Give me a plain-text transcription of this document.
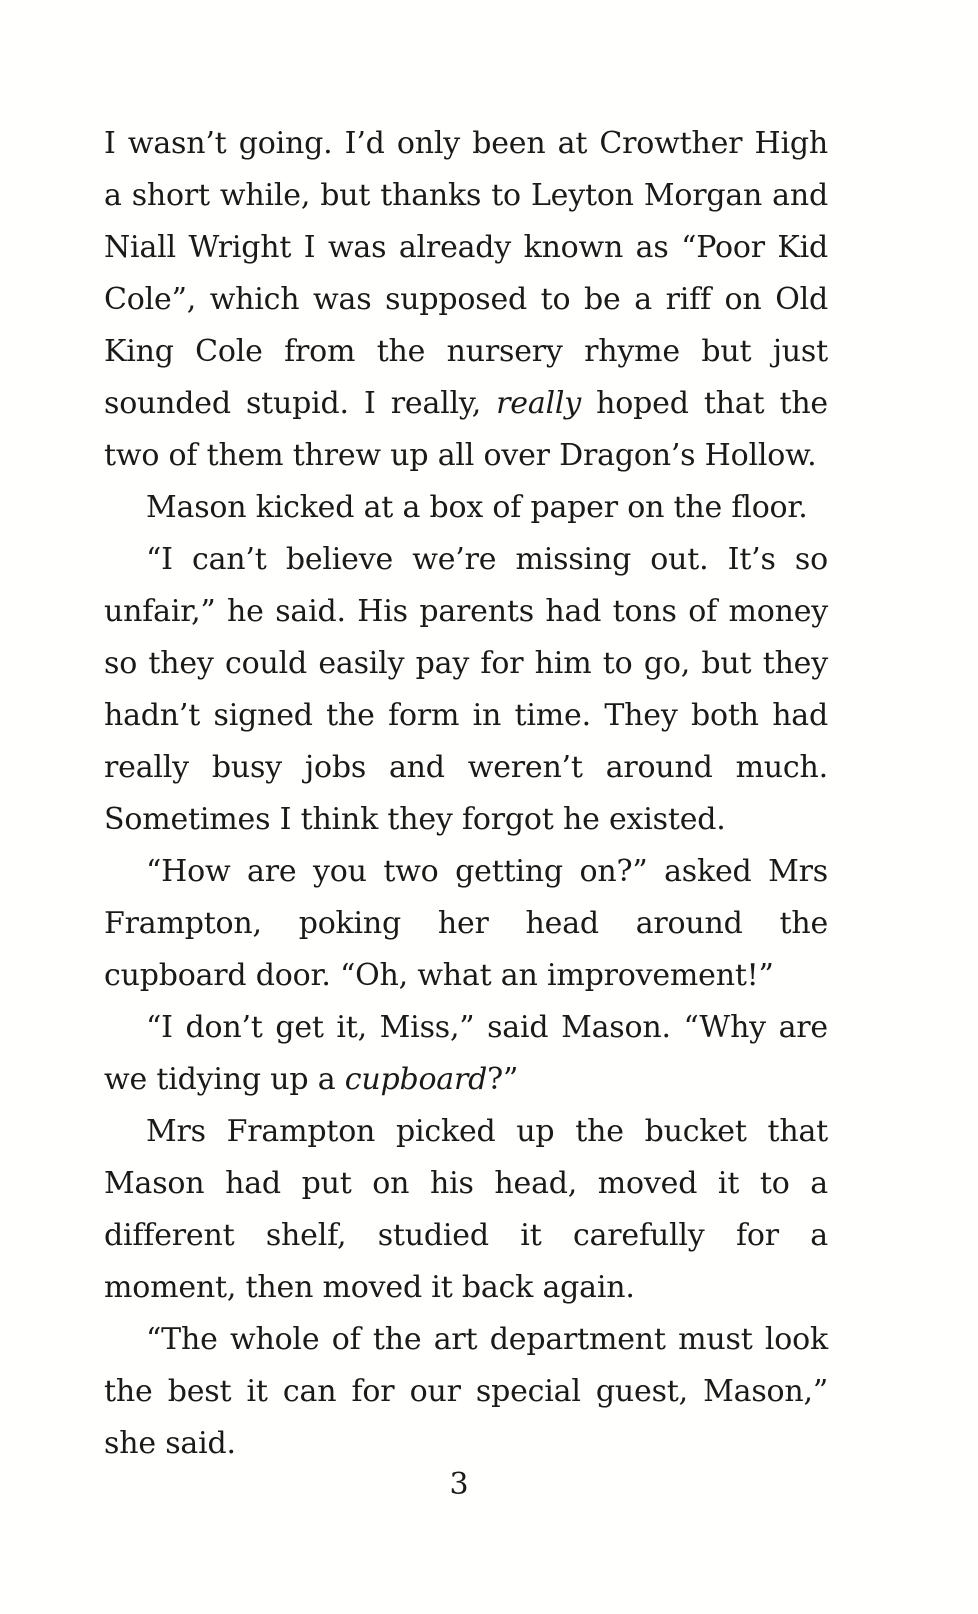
I wasn’t going. I’d only been at Crowther High a short while, but thanks to Leyton Morgan and Niall Wright I was already known as “Poor Kid Cole”, which was supposed to be a riff on Old King Cole from the nursery rhyme but just sounded stupid. I really, really hoped that the two of them threw up all over Dragon’s Hollow.

Mason kicked at a box of paper on the floor.

“I can’t believe we’re missing out. It’s so unfair,” he said. His parents had tons of money so they could easily pay for him to go, but they hadn’t signed the form in time. They both had really busy jobs and weren’t around much. Sometimes I think they forgot he existed.

“How are you two getting on?” asked Mrs Frampton, poking her head around the cupboard door. “Oh, what an improvement!”

“I don’t get it, Miss,” said Mason. “Why are we tidying up a cupboard?”

Mrs Frampton picked up the bucket that Mason had put on his head, moved it to a different shelf, studied it carefully for a moment, then moved it back again.

“The whole of the art department must look the best it can for our special guest, Mason,” she said.

3
